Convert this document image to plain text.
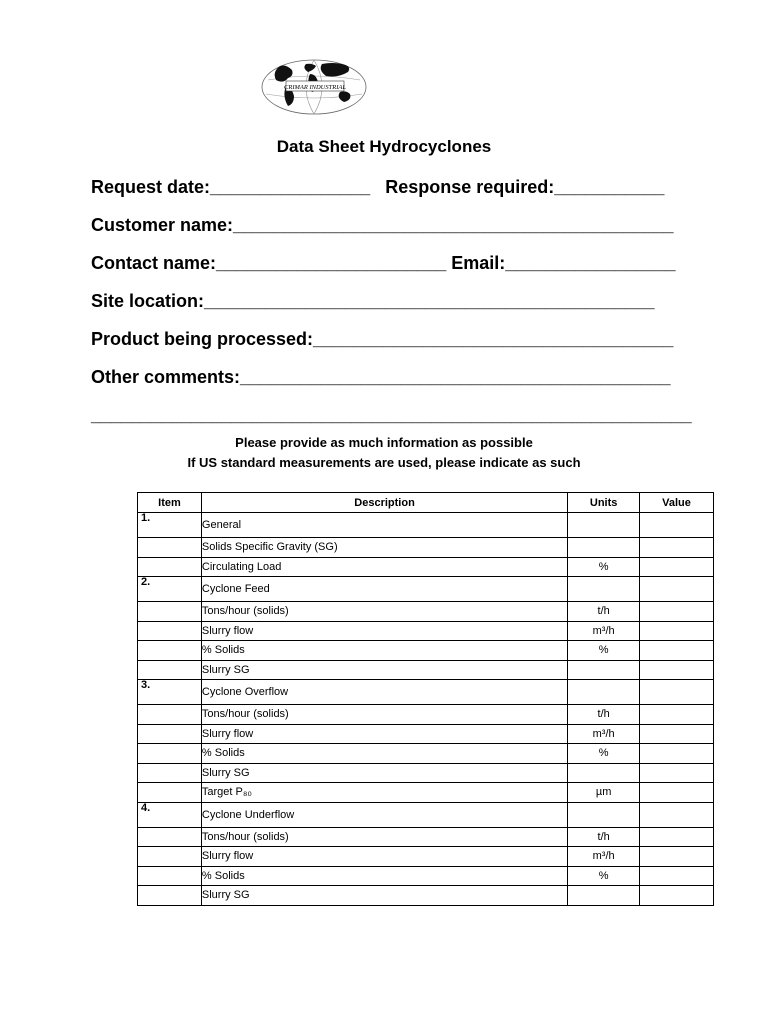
CRIMAR INDUSTRIAL
Data Sheet Hydrocyclones
Request date:________________   Response required:___________
Customer name:____________________________________________
Contact name:_______________________ Email:_________________
Site location:_____________________________________________
Product being processed:____________________________________
Other comments:___________________________________________
____________________________________________________________
Please provide as much information as possible
If US standard measurements are used, please indicate as such
Item	Description	Units	Value

1.	General		
	Solids Specific Gravity (SG)		
	Circulating Load	%	

2.	Cyclone Feed		
	Tons/hour (solids)	t/h	
	Slurry flow	m³/h	
	% Solids	%	
	Slurry SG		

3.	Cyclone Overflow		
	Tons/hour (solids)	t/h	
	Slurry flow	m³/h	
	% Solids	%	
	Slurry SG		
	Target P₈₀	µm	

4.	Cyclone Underflow		
	Tons/hour (solids)	t/h	
	Slurry flow	m³/h	
	% Solids	%	
	Slurry SG		
